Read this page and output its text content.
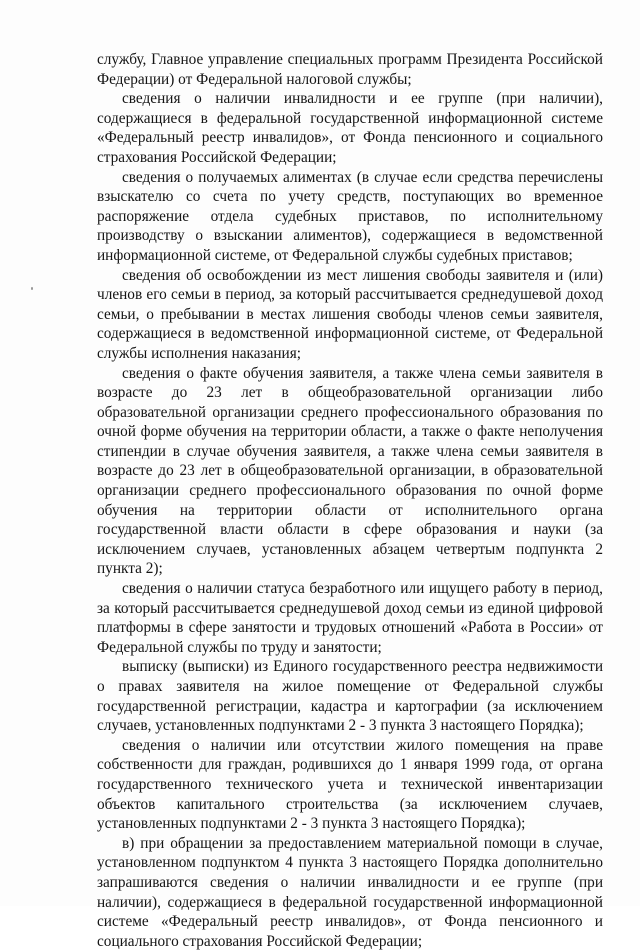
службу, Главное управление специальных программ Президента Российской Федерации) от Федеральной налоговой службы;

сведения о наличии инвалидности и ее группе (при наличии), содержащиеся в федеральной государственной информационной системе «Федеральный реестр инвалидов», от Фонда пенсионного и социального страхования Российской Федерации;

сведения о получаемых алиментах (в случае если средства перечислены взыскателю со счета по учету средств, поступающих во временное распоряжение отдела судебных приставов, по исполнительному производству о взыскании алиментов), содержащиеся в ведомственной информационной системе, от Федеральной службы судебных приставов;

сведения об освобождении из мест лишения свободы заявителя и (или) членов его семьи в период, за который рассчитывается среднедушевой доход семьи, о пребывании в местах лишения свободы членов семьи заявителя, содержащиеся в ведомственной информационной системе, от Федеральной службы исполнения наказания;

сведения о факте обучения заявителя, а также члена семьи заявителя в возрасте до 23 лет в общеобразовательной организации либо образовательной организации среднего профессионального образования по очной форме обучения на территории области, а также о факте неполучения стипендии в случае обучения заявителя, а также члена семьи заявителя в возрасте до 23 лет в общеобразовательной организации, в образовательной организации среднего профессионального образования по очной форме обучения на территории области от исполнительного органа государственной власти области в сфере образования и науки (за исключением случаев, установленных абзацем четвертым подпункта 2 пункта 2);

сведения о наличии статуса безработного или ищущего работу в период, за который рассчитывается среднедушевой доход семьи из единой цифровой платформы в сфере занятости и трудовых отношений «Работа в России» от Федеральной службы по труду и занятости;

выписку (выписки) из Единого государственного реестра недвижимости о правах заявителя на жилое помещение от Федеральной службы государственной регистрации, кадастра и картографии (за исключением случаев, установленных подпунктами 2 - 3 пункта 3 настоящего Порядка);

сведения о наличии или отсутствии жилого помещения на праве собственности для граждан, родившихся до 1 января 1999 года, от органа государственного технического учета и технической инвентаризации объектов капитального строительства (за исключением случаев, установленных подпунктами 2 - 3 пункта 3 настоящего Порядка);

в) при обращении за предоставлением материальной помощи в случае, установленном подпунктом 4 пункта 3 настоящего Порядка дополнительно запрашиваются сведения о наличии инвалидности и ее группе (при наличии), содержащиеся в федеральной государственной информационной системе «Федеральный реестр инвалидов», от Фонда пенсионного и социального страхования Российской Федерации;
